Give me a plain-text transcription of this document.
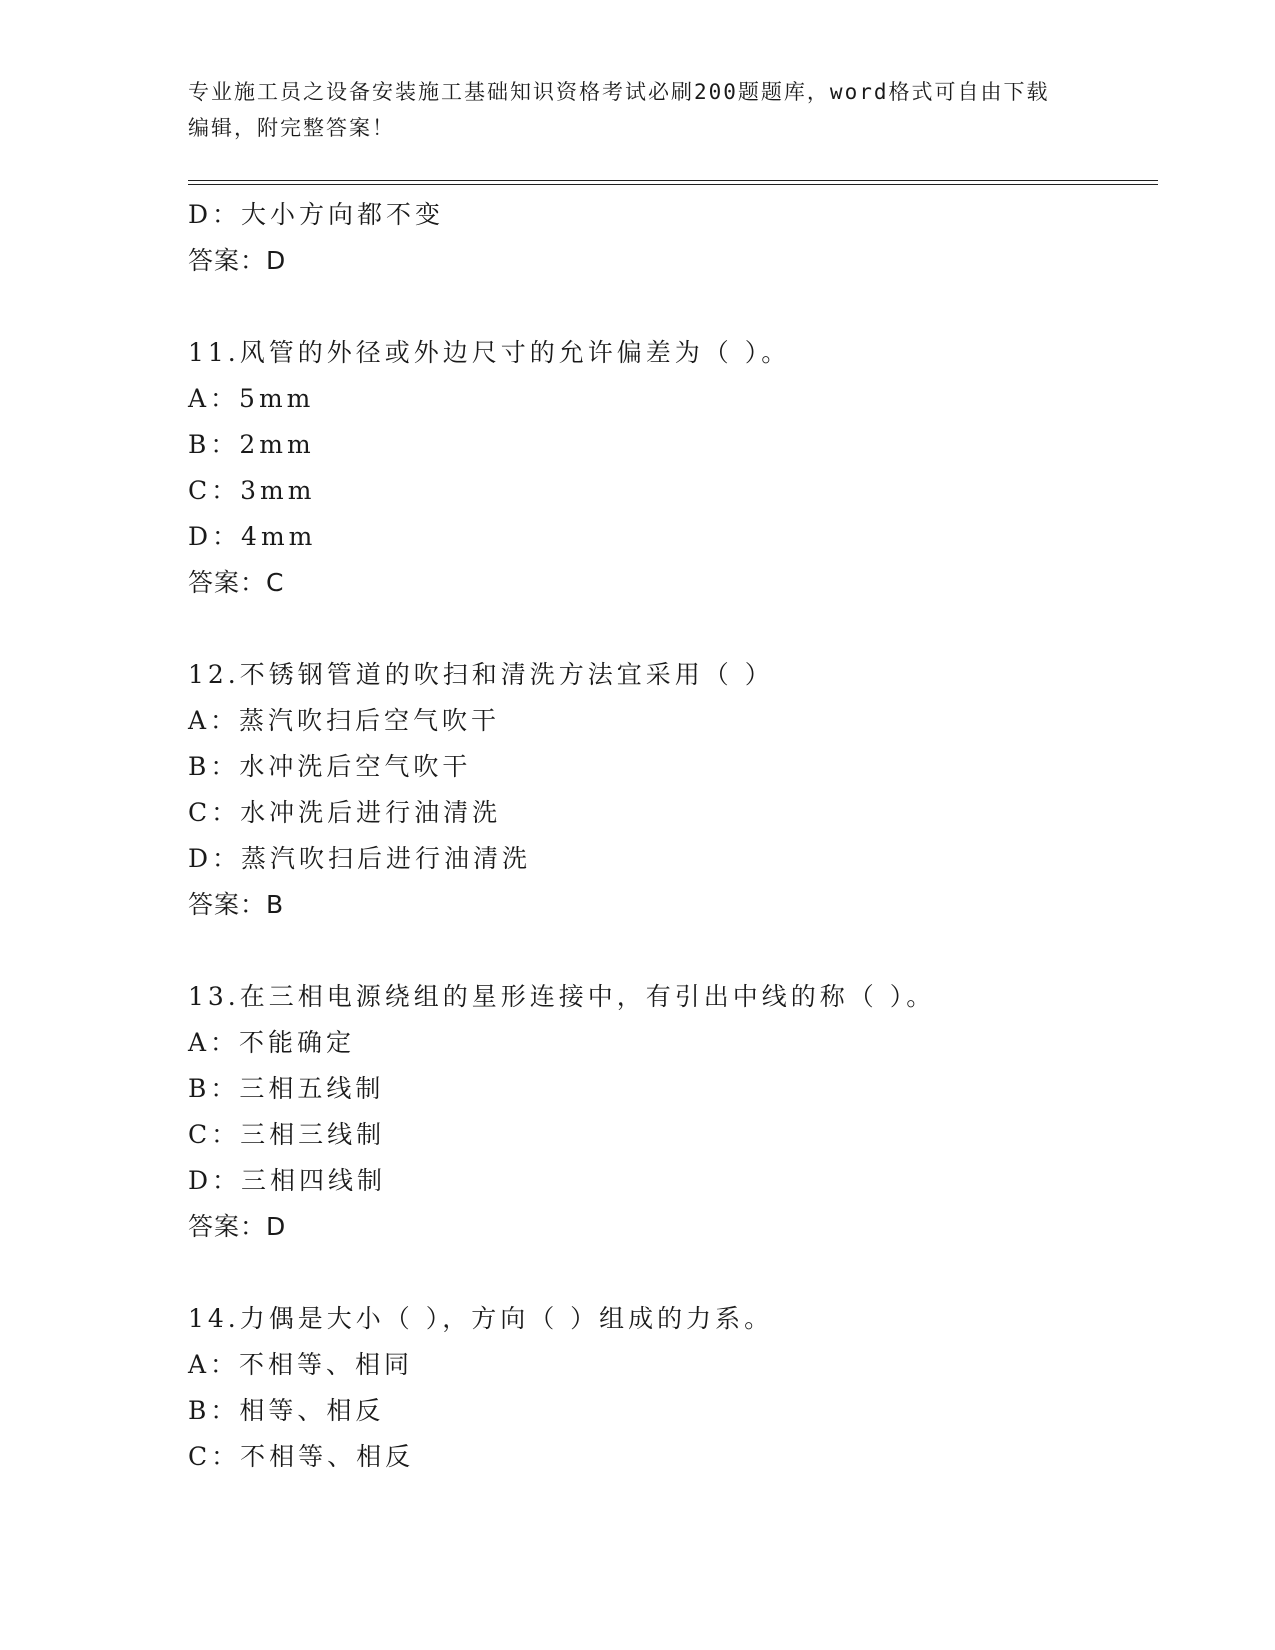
专业施工员之设备安装施工基础知识资格考试必刷200题题库，word格式可自由下载编辑，附完整答案！
D：大小方向都不变
答案：D
11.风管的外径或外边尺寸的允许偏差为（ ）。
A：5mm
B：2mm
C：3mm
D：4mm
答案：C
12.不锈钢管道的吹扫和清洗方法宜采用（ ）
A：蒸汽吹扫后空气吹干
B：水冲洗后空气吹干
C：水冲洗后进行油清洗
D：蒸汽吹扫后进行油清洗
答案：B
13.在三相电源绕组的星形连接中，有引出中线的称（ ）。
A：不能确定
B：三相五线制
C：三相三线制
D：三相四线制
答案：D
14.力偶是大小（ ），方向（ ）组成的力系。
A：不相等、相同
B：相等、相反
C：不相等、相反
